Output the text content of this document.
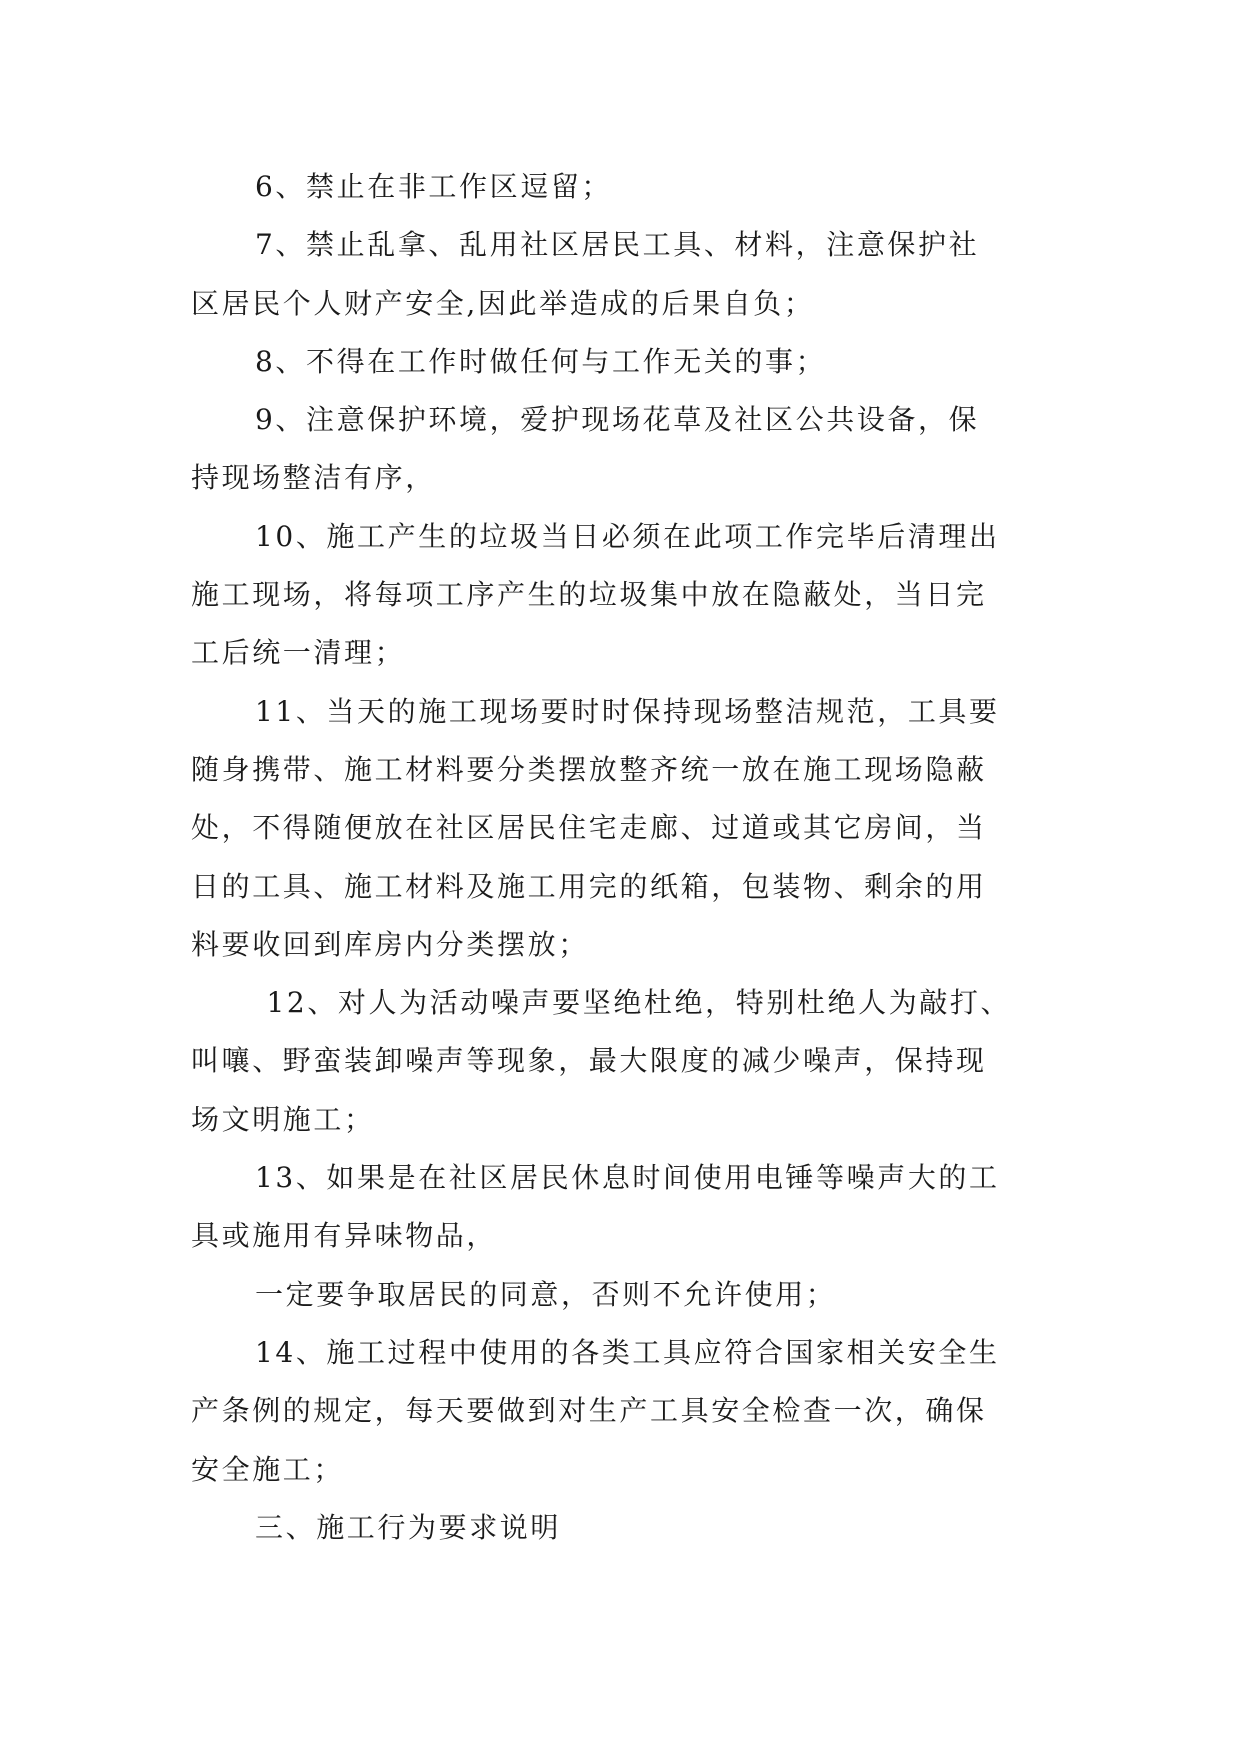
6、禁止在非工作区逗留；
7、禁止乱拿、乱用社区居民工具、材料，注意保护社
区居民个人财产安全,因此举造成的后果自负；
8、不得在工作时做任何与工作无关的事；
9、注意保护环境，爱护现场花草及社区公共设备，保
持现场整洁有序，
10、施工产生的垃圾当日必须在此项工作完毕后清理出
施工现场，将每项工序产生的垃圾集中放在隐蔽处，当日完
工后统一清理；
11、当天的施工现场要时时保持现场整洁规范，工具要
随身携带、施工材料要分类摆放整齐统一放在施工现场隐蔽
处，不得随便放在社区居民住宅走廊、过道或其它房间，当
日的工具、施工材料及施工用完的纸箱，包装物、剩余的用
料要收回到库房内分类摆放；
12、对人为活动噪声要坚绝杜绝，特别杜绝人为敲打、
叫嚷、野蛮装卸噪声等现象，最大限度的减少噪声，保持现
场文明施工；
13、如果是在社区居民休息时间使用电锤等噪声大的工
具或施用有异味物品，
一定要争取居民的同意，否则不允许使用；
14、施工过程中使用的各类工具应符合国家相关安全生
产条例的规定，每天要做到对生产工具安全检查一次，确保
安全施工；
三、施工行为要求说明
